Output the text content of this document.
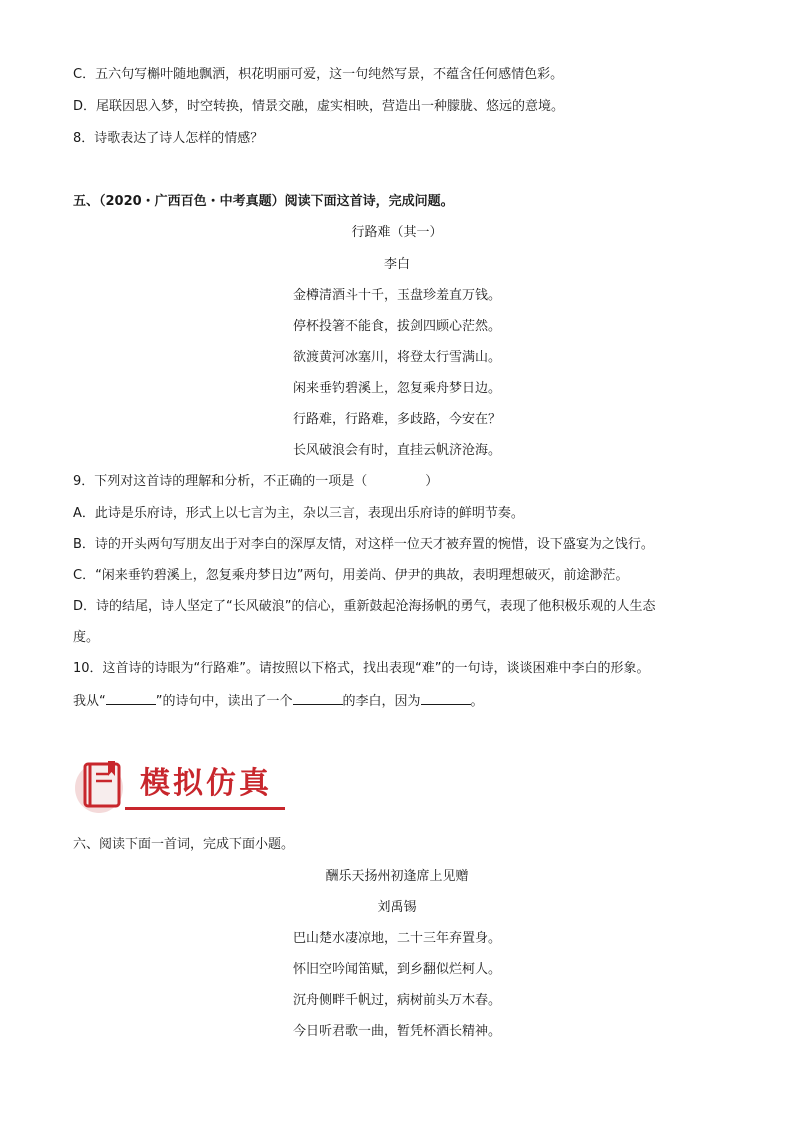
C．五六句写槲叶随地飘洒，枳花明丽可爱，这一句纯然写景，不蕴含任何感情色彩。
D．尾联因思入梦，时空转换，情景交融，虚实相映，营造出一种朦胧、悠远的意境。
8．诗歌表达了诗人怎样的情感？
五、（2020・广西百色・中考真题）阅读下面这首诗，完成问题。
行路难（其一）
李白
金樽清酒斗十千，玉盘珍羞直万钱。
停杯投箸不能食，拔剑四顾心茫然。
欲渡黄河冰塞川，将登太行雪满山。
闲来垂钓碧溪上，忽复乘舟梦日边。
行路难，行路难，多歧路，今安在？
长风破浪会有时，直挂云帆济沧海。
9．下列对这首诗的理解和分析，不正确的一项是（	）
A．此诗是乐府诗，形式上以七言为主，杂以三言，表现出乐府诗的鲜明节奏。
B．诗的开头两句写朋友出于对李白的深厚友情，对这样一位天才被弃置的惋惜，设下盛宴为之饯行。
C．“闲来垂钓碧溪上，忽复乘舟梦日边”两句，用姜尚、伊尹的典故，表明理想破灭，前途渺茫。
D．诗的结尾，诗人坚定了“长风破浪”的信心，重新鼓起沧海扬帆的勇气，表现了他积极乐观的人生态
度。
10．这首诗的诗眼为“行路难”。请按照以下格式，找出表现“难”的一句诗，谈谈困难中李白的形象。
我从“	”的诗句中，读出了一个	的李白，因为	。
模拟仿真
六、阅读下面一首词，完成下面小题。
酬乐天扬州初逢席上见赠
刘禹锡
巴山楚水凄凉地，二十三年弃置身。
怀旧空吟闻笛赋，到乡翻似烂柯人。
沉舟侧畔千帆过，病树前头万木春。
今日听君歌一曲，暂凭杯酒长精神。
